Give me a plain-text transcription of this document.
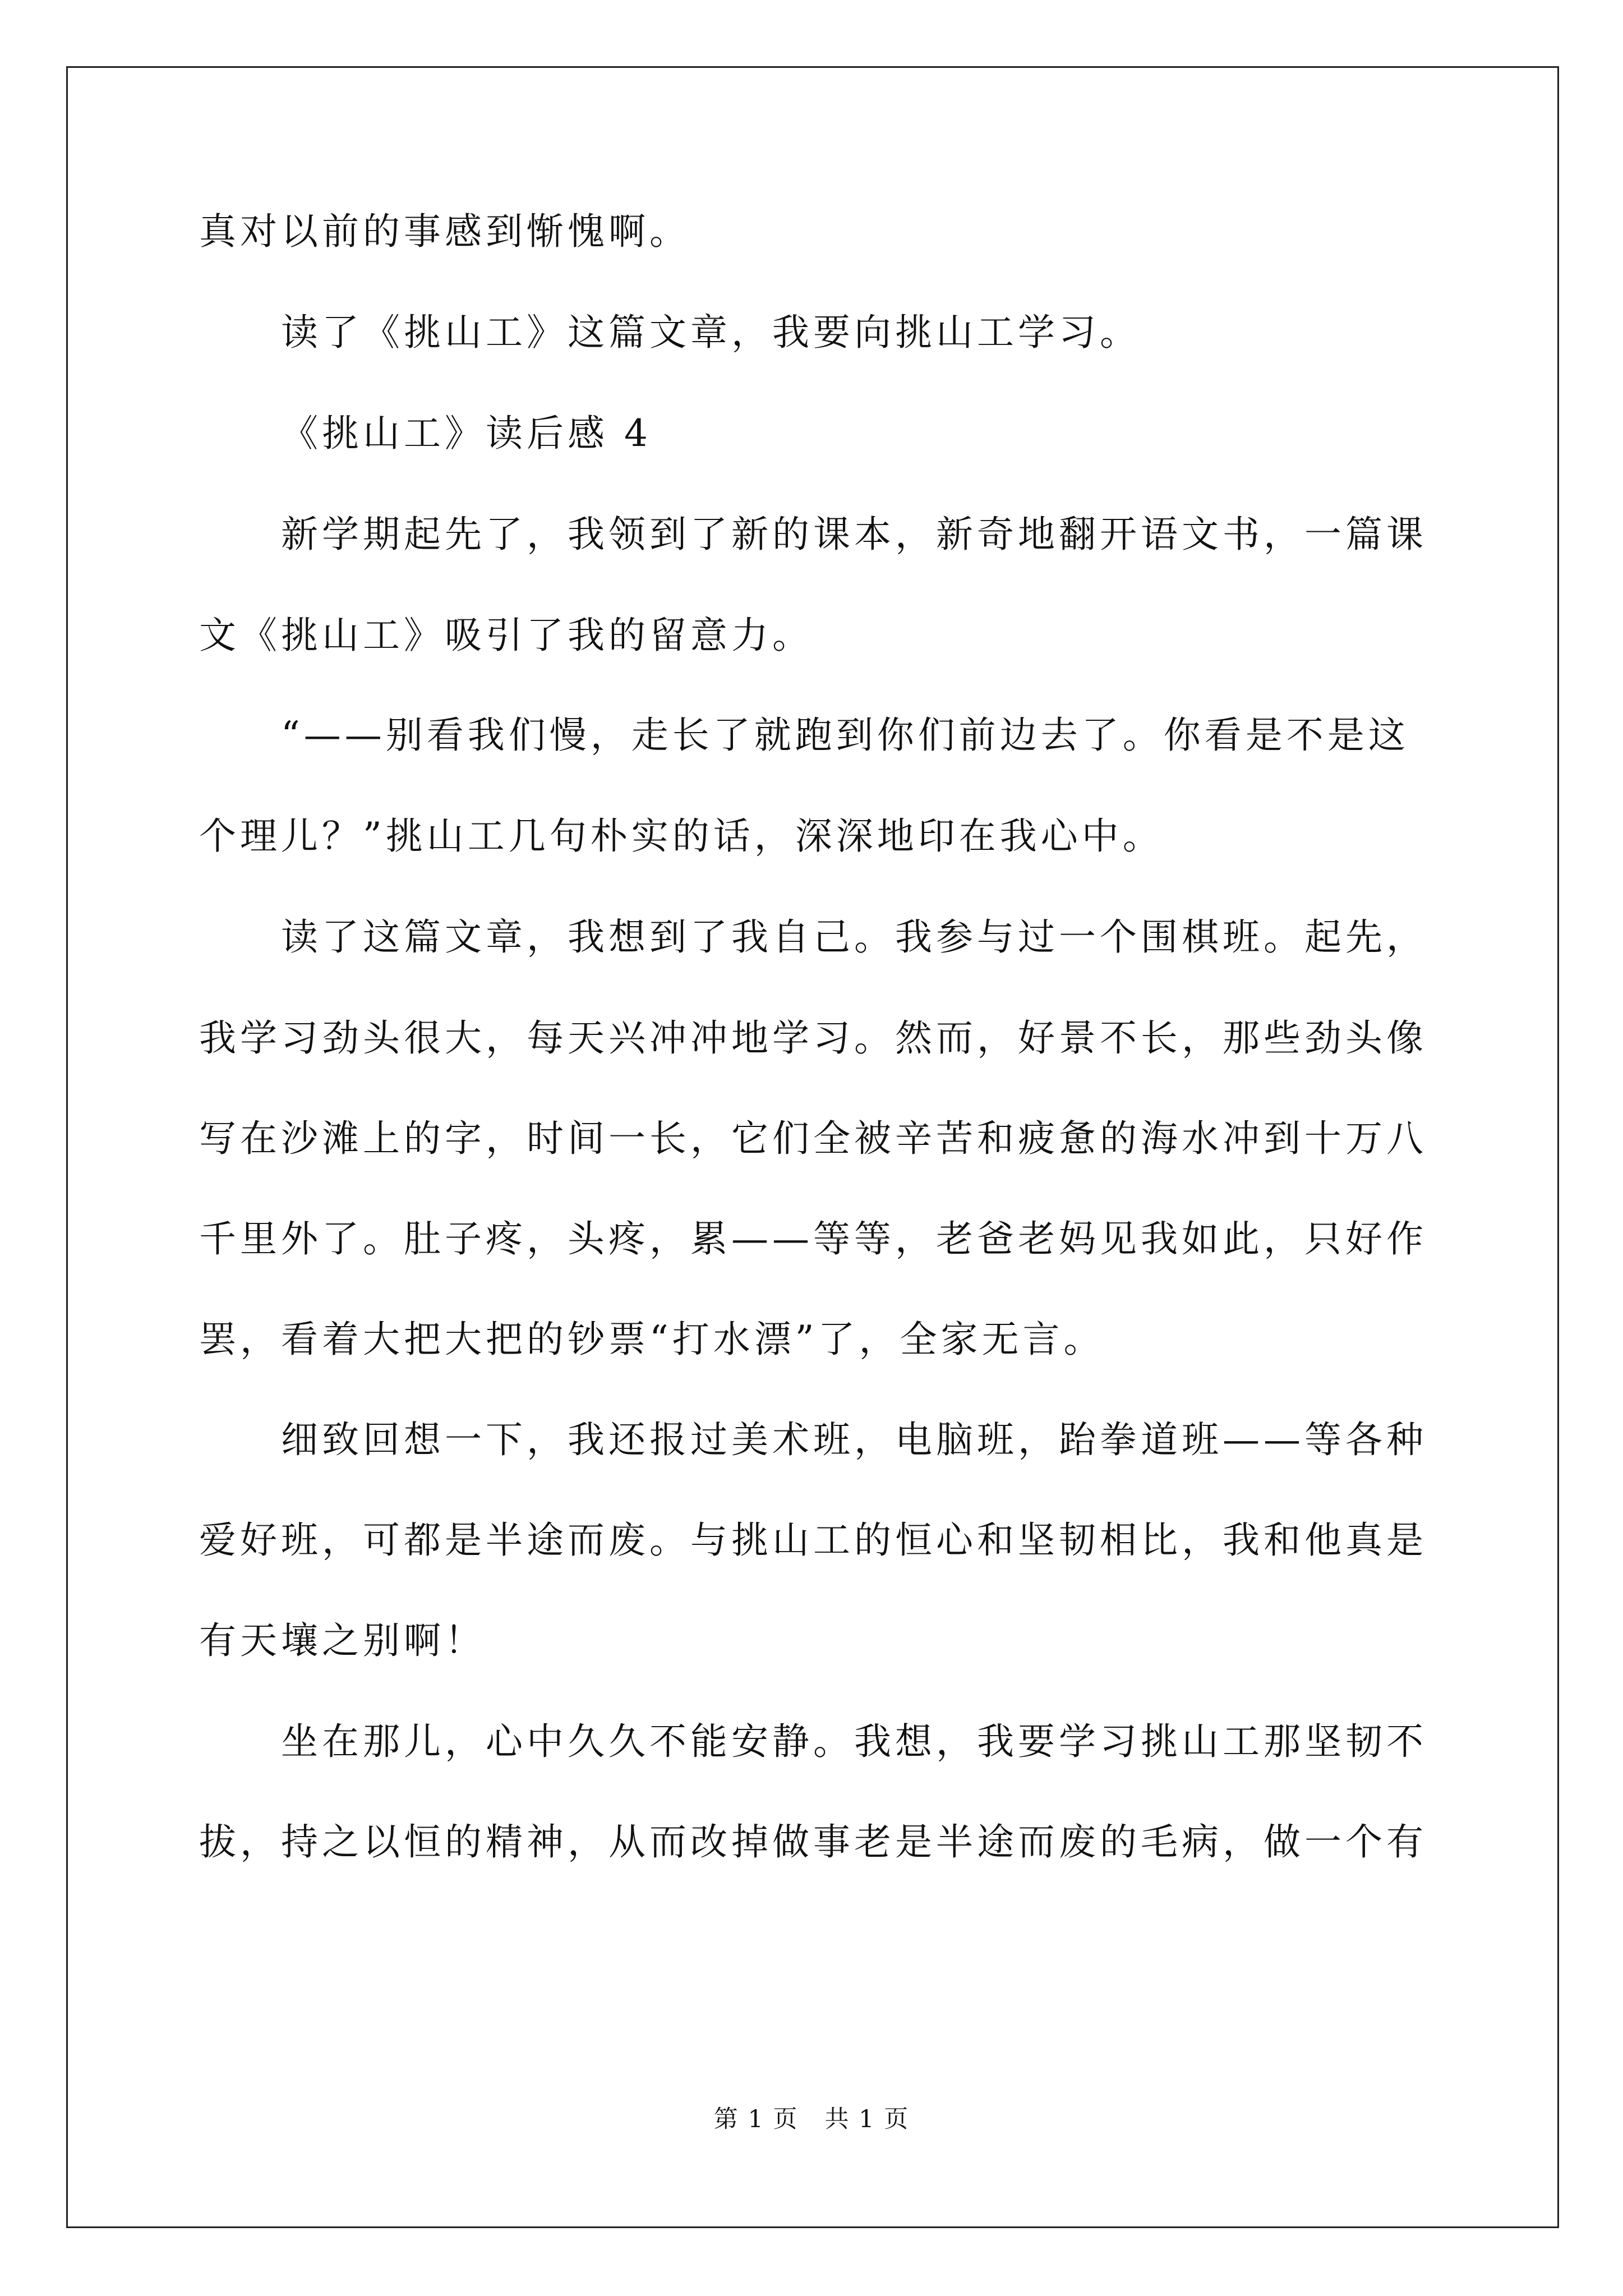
真对以前的事感到惭愧啊。
读了《挑山工》这篇文章，我要向挑山工学习。
《挑山工》读后感 4
新学期起先了，我领到了新的课本，新奇地翻开语文书，一篇课
文《挑山工》吸引了我的留意力。
“——别看我们慢，走长了就跑到你们前边去了。你看是不是这
个理儿？”挑山工几句朴实的话，深深地印在我心中。
读了这篇文章，我想到了我自己。我参与过一个围棋班。起先，
我学习劲头很大，每天兴冲冲地学习。然而，好景不长，那些劲头像
写在沙滩上的字，时间一长，它们全被辛苦和疲惫的海水冲到十万八
千里外了。肚子疼，头疼，累——等等，老爸老妈见我如此，只好作
罢，看着大把大把的钞票“打水漂”了，全家无言。
细致回想一下，我还报过美术班，电脑班，跆拳道班——等各种
爱好班，可都是半途而废。与挑山工的恒心和坚韧相比，我和他真是
有天壤之别啊！
坐在那儿，心中久久不能安静。我想，我要学习挑山工那坚韧不
拔，持之以恒的精神，从而改掉做事老是半途而废的毛病，做一个有
第 1 页   共 1 页
